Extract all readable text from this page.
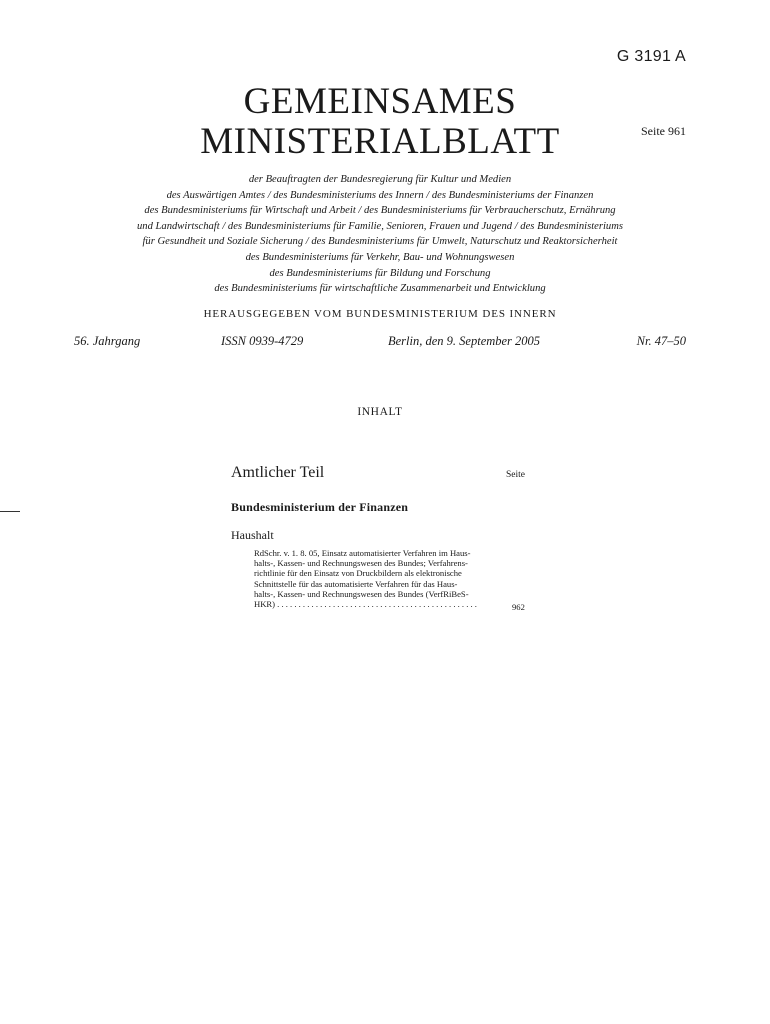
G 3191 A
GEMEINSAMES
MINISTERIALBLATT	Seite 961
der Beauftragten der Bundesregierung für Kultur und Medien
des Auswärtigen Amtes / des Bundesministeriums des Innern / des Bundesministeriums der Finanzen
des Bundesministeriums für Wirtschaft und Arbeit / des Bundesministeriums für Verbraucherschutz, Ernährung
und Landwirtschaft / des Bundesministeriums für Familie, Senioren, Frauen und Jugend / des Bundesministeriums
für Gesundheit und Soziale Sicherung / des Bundesministeriums für Umwelt, Naturschutz und Reaktorsicherheit
des Bundesministeriums für Verkehr, Bau- und Wohnungswesen
des Bundesministeriums für Bildung und Forschung
des Bundesministeriums für wirtschaftliche Zusammenarbeit und Entwicklung
HERAUSGEGEBEN VOM BUNDESMINISTERIUM DES INNERN
56. Jahrgang	ISSN 0939-4729	Berlin, den 9. September 2005	Nr. 47–50
INHALT
Amtlicher Teil	Seite
Bundesministerium der Finanzen
Haushalt
RdSchr. v. 1. 8. 05, Einsatz automatisierter Verfahren im Haus-
halts-, Kassen- und Rechnungswesen des Bundes; Verfahrens-
richtlinie für den Einsatz von Druckbildern als elektronische
Schnittstelle für das automatisierte Verfahren für das Haus-
halts-, Kassen- und Rechnungswesen des Bundes (VerfRiBeS-
HKR) . . . . . . . . . . . . . . . . . . . . . . . . . . . . . . . . . . . . . . . . . . . . . . .	962
